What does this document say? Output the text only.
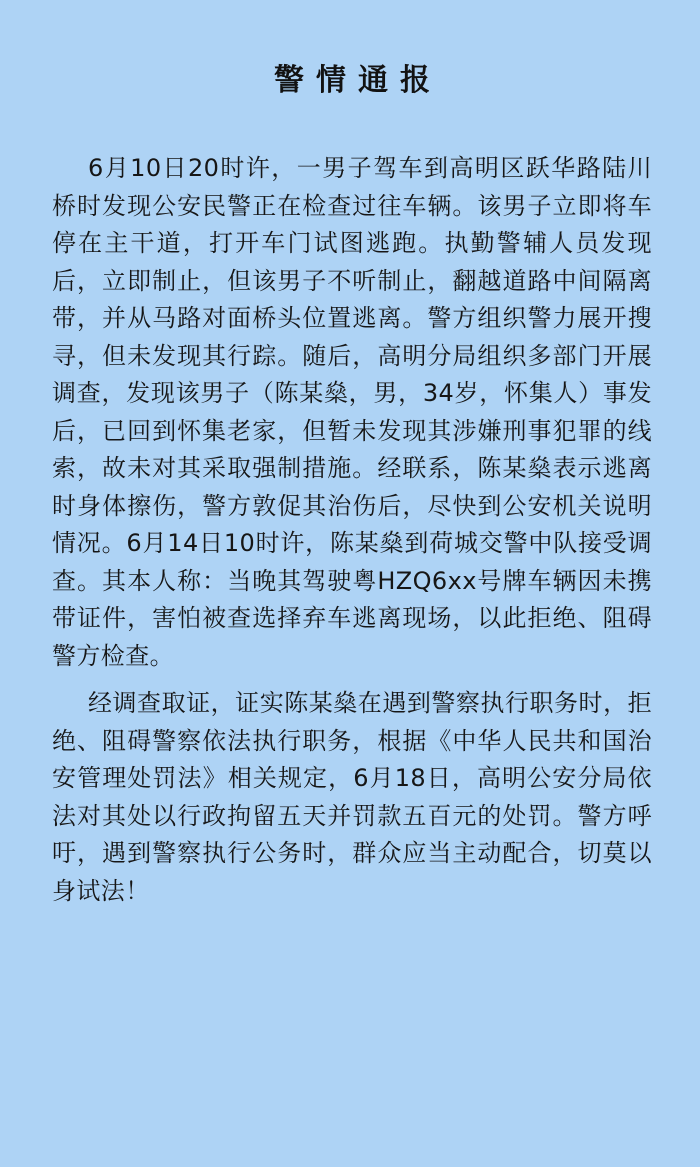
警情通报

6月10日20时许，一男子驾车到高明区跃华路陆川桥时发现公安民警正在检查过往车辆。该男子立即将车停在主干道，打开车门试图逃跑。执勤警辅人员发现后，立即制止，但该男子不听制止，翻越道路中间隔离带，并从马路对面桥头位置逃离。警方组织警力展开搜寻，但未发现其行踪。随后，高明分局组织多部门开展调查，发现该男子（陈某燊，男，34岁，怀集人）事发后，已回到怀集老家，但暂未发现其涉嫌刑事犯罪的线索，故未对其采取强制措施。经联系，陈某燊表示逃离时身体擦伤，警方敦促其治伤后，尽快到公安机关说明情况。6月14日10时许，陈某燊到荷城交警中队接受调查。其本人称：当晚其驾驶粤HZQ6xx号牌车辆因未携带证件，害怕被查选择弃车逃离现场，以此拒绝、阻碍警方检查。

经调查取证，证实陈某燊在遇到警察执行职务时，拒绝、阻碍警察依法执行职务，根据《中华人民共和国治安管理处罚法》相关规定，6月18日，高明公安分局依法对其处以行政拘留五天并罚款五百元的处罚。警方呼吁，遇到警察执行公务时，群众应当主动配合，切莫以身试法！
